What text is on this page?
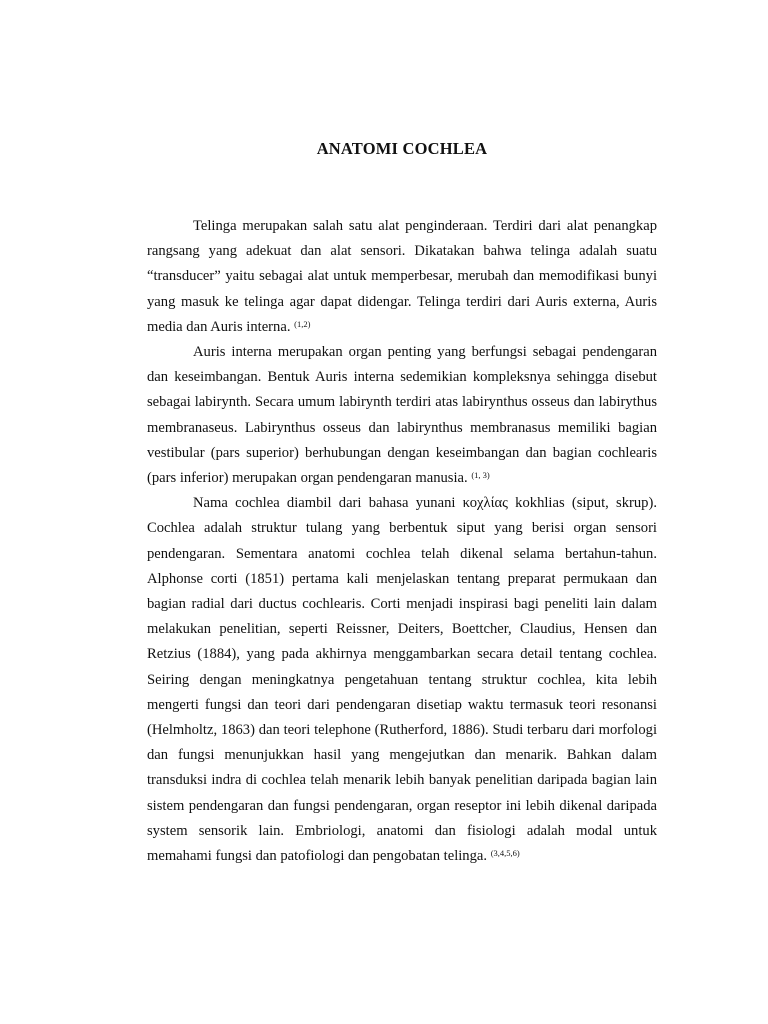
ANATOMI COCHLEA

Telinga merupakan salah satu alat penginderaan. Terdiri dari alat penangkap rangsang yang adekuat dan alat sensori. Dikatakan bahwa telinga adalah suatu “transducer” yaitu sebagai alat untuk memperbesar, merubah dan memodifikasi bunyi yang masuk ke telinga agar dapat didengar. Telinga terdiri dari Auris externa, Auris media dan Auris interna. $^{(1,2)}$

Auris interna merupakan organ penting yang berfungsi sebagai pendengaran dan keseimbangan. Bentuk Auris interna sedemikian kompleksnya sehingga disebut sebagai labirynth. Secara umum labirynth terdiri atas labirynthus osseus dan labirythus membranaseus. Labirynthus osseus dan labirynthus membranasus memiliki bagian vestibular (pars superior) berhubungan dengan keseimbangan dan bagian cochlearis (pars inferior) merupakan organ pendengaran manusia. $^{(1, 3)}$

Nama cochlea diambil dari bahasa yunani κοχλίας kokhlias (siput, skrup). Cochlea adalah struktur tulang yang berbentuk siput yang berisi organ sensori pendengaran. Sementara anatomi cochlea telah dikenal selama bertahun-tahun. Alphonse corti (1851) pertama kali menjelaskan tentang preparat permukaan dan bagian radial dari ductus cochlearis. Corti menjadi inspirasi bagi peneliti lain dalam melakukan penelitian, seperti Reissner, Deiters, Boettcher, Claudius, Hensen dan Retzius (1884), yang pada akhirnya menggambarkan secara detail tentang cochlea. Seiring dengan meningkatnya pengetahuan tentang struktur cochlea, kita lebih mengerti fungsi dan teori dari pendengaran disetiap waktu termasuk teori resonansi (Helmholtz, 1863) dan teori telephone (Rutherford, 1886). Studi terbaru dari morfologi dan fungsi menunjukkan hasil yang mengejutkan dan menarik. Bahkan dalam transduksi indra di cochlea telah menarik lebih banyak penelitian daripada bagian lain sistem pendengaran dan fungsi pendengaran, organ reseptor ini lebih dikenal daripada system sensorik lain. Embriologi, anatomi dan fisiologi adalah modal untuk memahami fungsi dan patofiologi dan pengobatan telinga. $^{(3,4,5,6)}$
